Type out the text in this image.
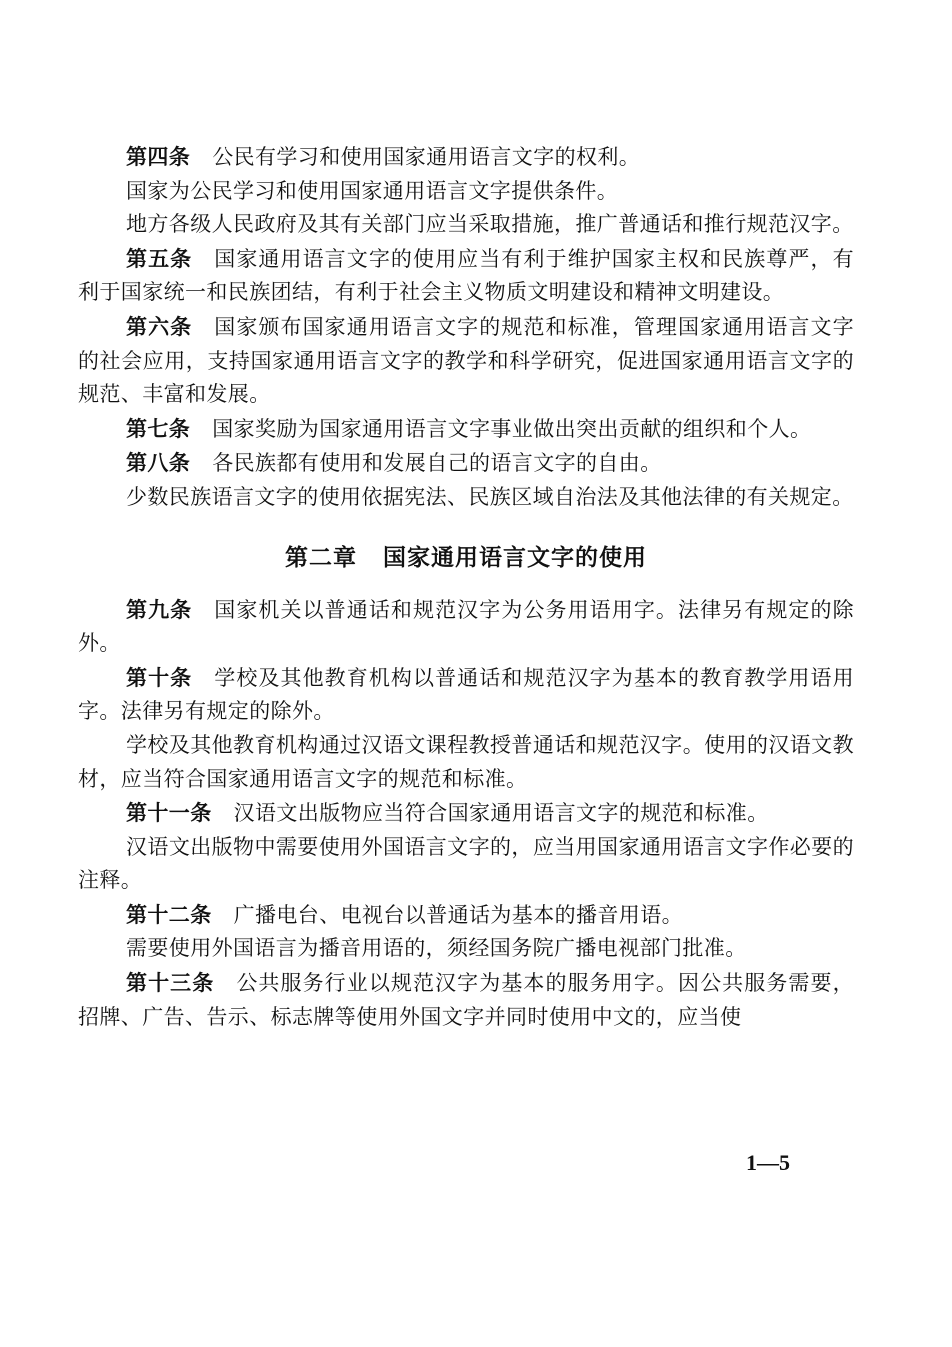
第四条 公民有学习和使用国家通用语言文字的权利。

国家为公民学习和使用国家通用语言文字提供条件。

地方各级人民政府及其有关部门应当采取措施，推广普通话和推行规范汉字。

第五条 国家通用语言文字的使用应当有利于维护国家主权和民族尊严，有利于国家统一和民族团结，有利于社会主义物质文明建设和精神文明建设。

第六条 国家颁布国家通用语言文字的规范和标准，管理国家通用语言文字的社会应用，支持国家通用语言文字的教学和科学研究，促进国家通用语言文字的规范、丰富和发展。

第七条 国家奖励为国家通用语言文字事业做出突出贡献的组织和个人。

第八条 各民族都有使用和发展自己的语言文字的自由。

少数民族语言文字的使用依据宪法、民族区域自治法及其他法律的有关规定。

第二章 国家通用语言文字的使用

第九条 国家机关以普通话和规范汉字为公务用语用字。法律另有规定的除外。

第十条 学校及其他教育机构以普通话和规范汉字为基本的教育教学用语用字。法律另有规定的除外。

学校及其他教育机构通过汉语文课程教授普通话和规范汉字。使用的汉语文教材，应当符合国家通用语言文字的规范和标准。

第十一条 汉语文出版物应当符合国家通用语言文字的规范和标准。

汉语文出版物中需要使用外国语言文字的，应当用国家通用语言文字作必要的注释。

第十二条 广播电台、电视台以普通话为基本的播音用语。

需要使用外国语言为播音用语的，须经国务院广播电视部门批准。

第十三条 公共服务行业以规范汉字为基本的服务用字。因公共服务需要，招牌、广告、告示、标志牌等使用外国文字并同时使用中文的，应当使

1—5
